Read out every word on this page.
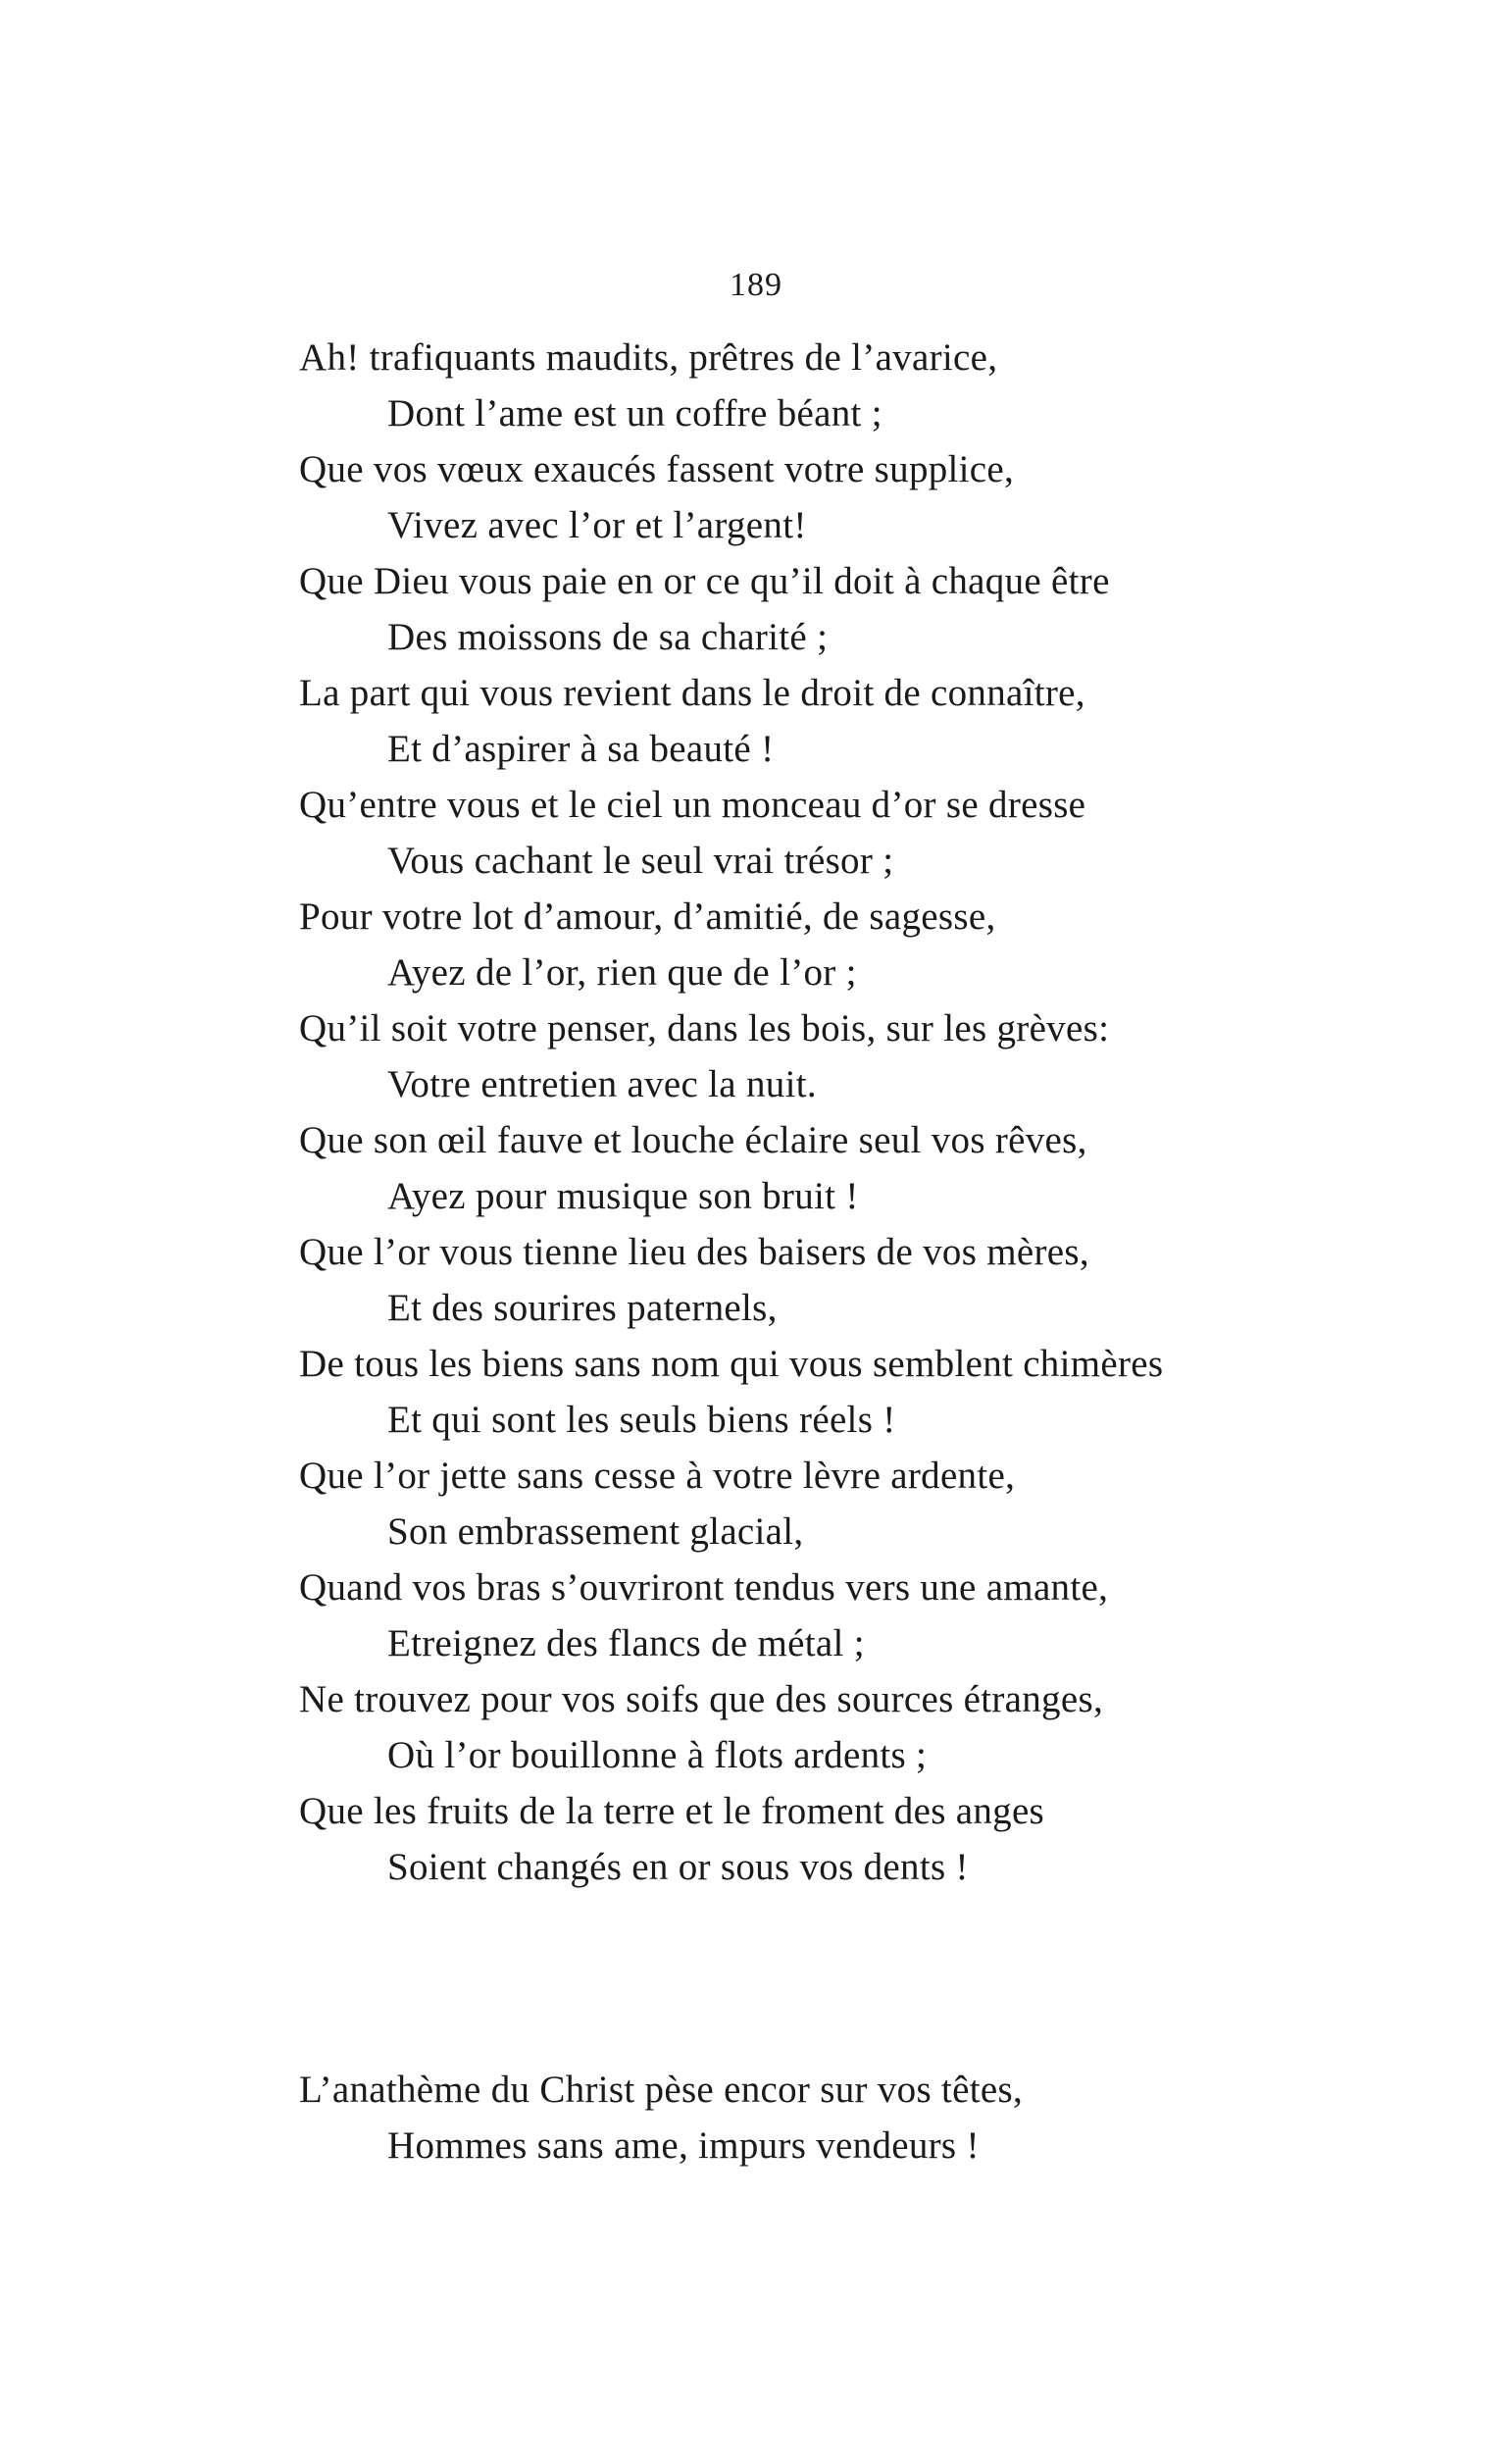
189
Ah! trafiquants maudits, prêtres de l’avarice,
Dont l’ame est un coffre béant ;
Que vos vœux exaucés fassent votre supplice,
Vivez avec l’or et l’argent!
Que Dieu vous paie en or ce qu’il doit à chaque être
Des moissons de sa charité ;
La part qui vous revient dans le droit de connaître,
Et d’aspirer à sa beauté !
Qu’entre vous et le ciel un monceau d’or se dresse
Vous cachant le seul vrai trésor ;
Pour votre lot d’amour, d’amitié, de sagesse,
Ayez de l’or, rien que de l’or ;
Qu’il soit votre penser, dans les bois, sur les grèves:
Votre entretien avec la nuit.
Que son œil fauve et louche éclaire seul vos rêves,
Ayez pour musique son bruit !
Que l’or vous tienne lieu des baisers de vos mères,
Et des sourires paternels,
De tous les biens sans nom qui vous semblent chimères
Et qui sont les seuls biens réels !
Que l’or jette sans cesse à votre lèvre ardente,
Son embrassement glacial,
Quand vos bras s’ouvriront tendus vers une amante,
Etreignez des flancs de métal ;
Ne trouvez pour vos soifs que des sources étranges,
Où l’or bouillonne à flots ardents ;
Que les fruits de la terre et le froment des anges
Soient changés en or sous vos dents !
L’anathème du Christ pèse encor sur vos têtes,
Hommes sans ame, impurs vendeurs !
